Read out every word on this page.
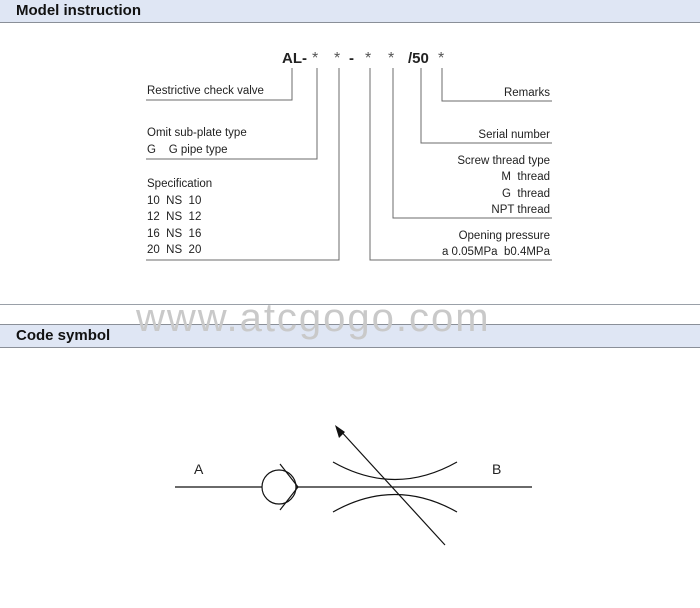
Model instruction
Code symbol www.atcgogo.com
AL- * * - * * /50 *
Restrictive check valve
Omit sub-plate type
G    G pipe type
Specification
10  NS  10
12  NS  12
16  NS  16
20  NS  20
Remarks
Serial number
Screw thread type
M  thread
G  thread
NPT thread
Opening pressure
a 0.05MPa  b0.4MPa
A	B
